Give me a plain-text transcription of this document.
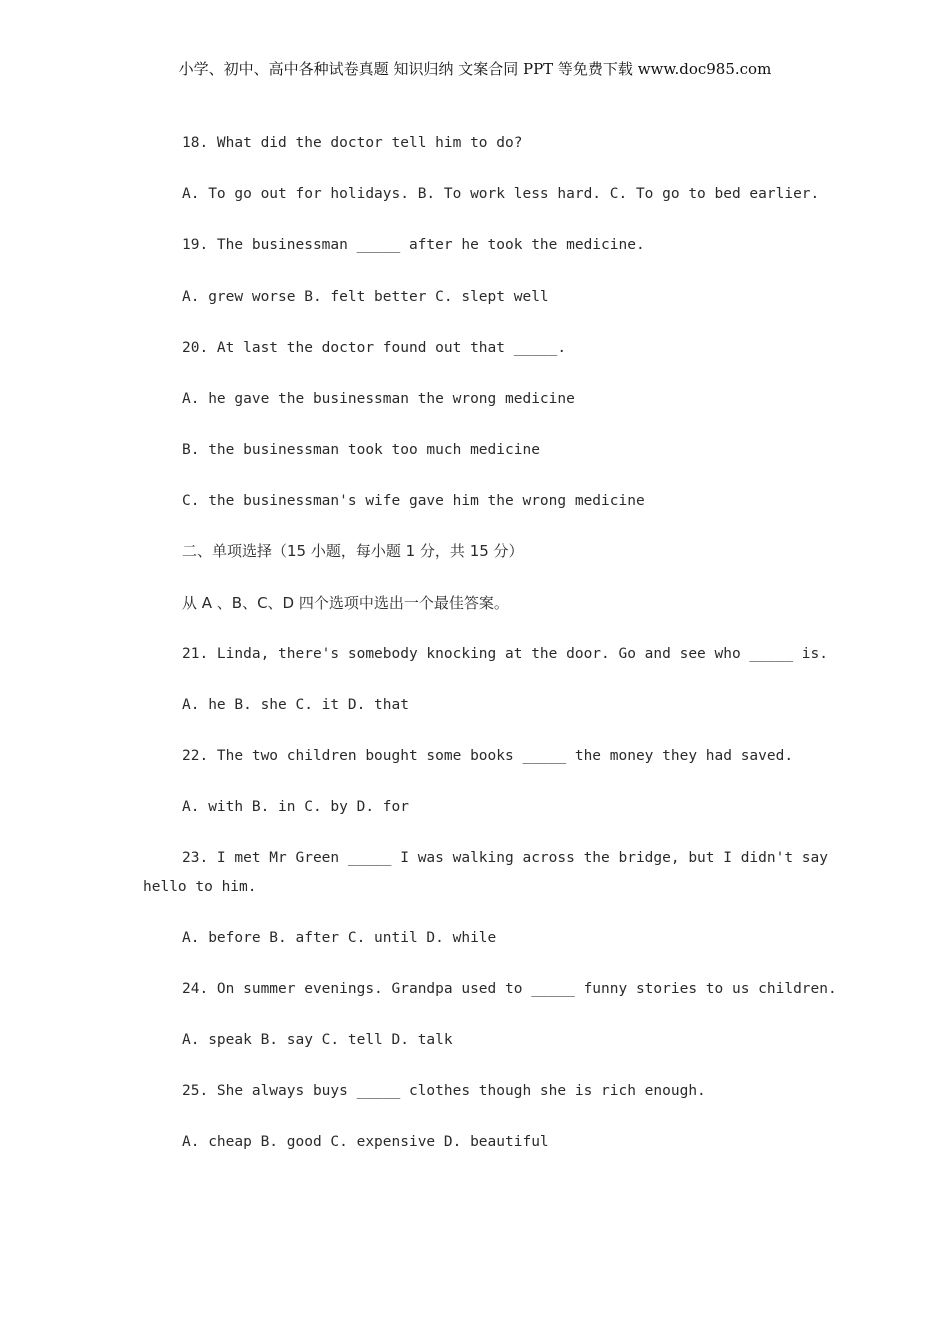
小学、初中、高中各种试卷真题 知识归纳 文案合同 PPT 等免费下载 www.doc985.com
18. What did the doctor tell him to do?
A. To go out for holidays. B. To work less hard. C. To go to bed earlier.
19. The businessman _____ after he took the medicine.
A. grew worse B. felt better C. slept well
20. At last the doctor found out that _____.
A. he gave the businessman the wrong medicine
B. the businessman took too much medicine
C. the businessman's wife gave him the wrong medicine
二、单项选择（15 小题，每小题 1 分，共 15 分）
从 A 、B、C、D 四个选项中选出一个最佳答案。
21. Linda, there's somebody knocking at the door. Go and see who _____ is.
A. he B. she C. it D. that
22. The two children bought some books _____ the money they had saved.
A. with B. in C. by D. for
23. I met Mr Green _____ I was walking across the bridge, but I didn't say
hello to him.
A. before B. after C. until D. while
24. On summer evenings. Grandpa used to _____ funny stories to us children.
A. speak B. say C. tell D. talk
25. She always buys _____ clothes though she is rich enough.
A. cheap B. good C. expensive D. beautiful
